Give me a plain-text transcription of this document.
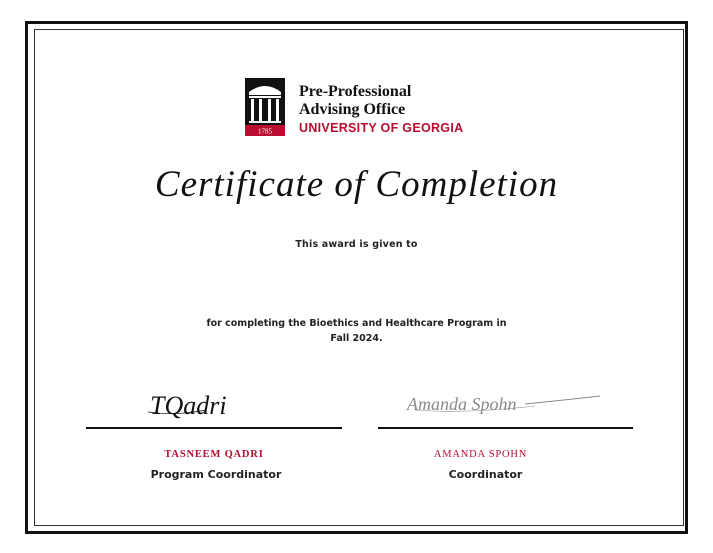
1785
Pre-Professional
Advising Office
UNIVERSITY OF GEORGIA
Certificate of Completion
This award is given to
for completing the Bioethics and Healthcare Program in
Fall 2024.
TQadri	Amanda Spohn
TASNEEM QADRI
Program Coordinator
AMANDA SPOHN
Coordinator
